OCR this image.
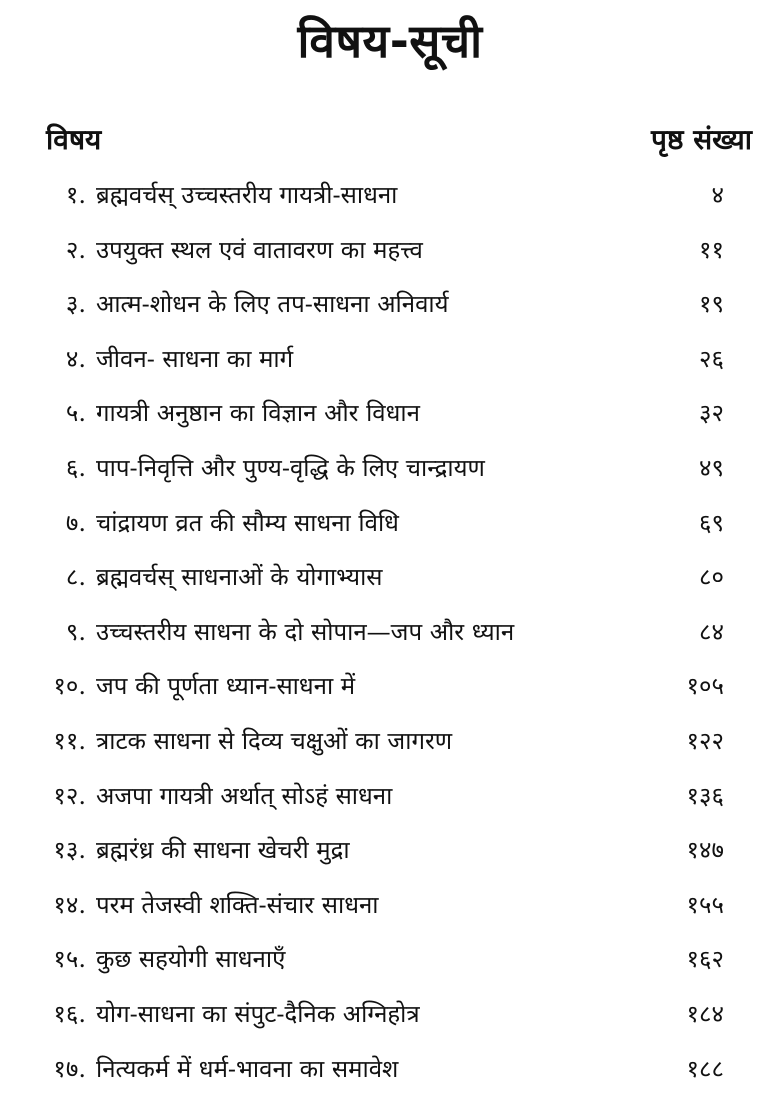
विषय-सूची
विषय	पृष्ठ संख्या
१. ब्रह्मवर्चस् उच्चस्तरीय गायत्री-साधना	४
२. उपयुक्त स्थल एवं वातावरण का महत्त्व	११
३. आत्म-शोधन के लिए तप-साधना अनिवार्य	१९
४. जीवन- साधना का मार्ग	२६
५. गायत्री अनुष्ठान का विज्ञान और विधान	३२
६. पाप-निवृत्ति और पुण्य-वृद्धि के लिए चान्द्रायण	४९
७. चांद्रायण व्रत की सौम्य साधना विधि	६९
८. ब्रह्मवर्चस् साधनाओं के योगाभ्यास	८०
९. उच्चस्तरीय साधना के दो सोपान—जप और ध्यान	८४
१०. जप की पूर्णता ध्यान-साधना में	१०५
११. त्राटक साधना से दिव्य चक्षुओं का जागरण	१२२
१२. अजपा गायत्री अर्थात् सोऽहं साधना	१३६
१३. ब्रह्मरंध्र की साधना खेचरी मुद्रा	१४७
१४. परम तेजस्वी शक्ति-संचार साधना	१५५
१५. कुछ सहयोगी साधनाएँ	१६२
१६. योग-साधना का संपुट-दैनिक अग्निहोत्र	१८४
१७. नित्यकर्म में धर्म-भावना का समावेश	१८८
